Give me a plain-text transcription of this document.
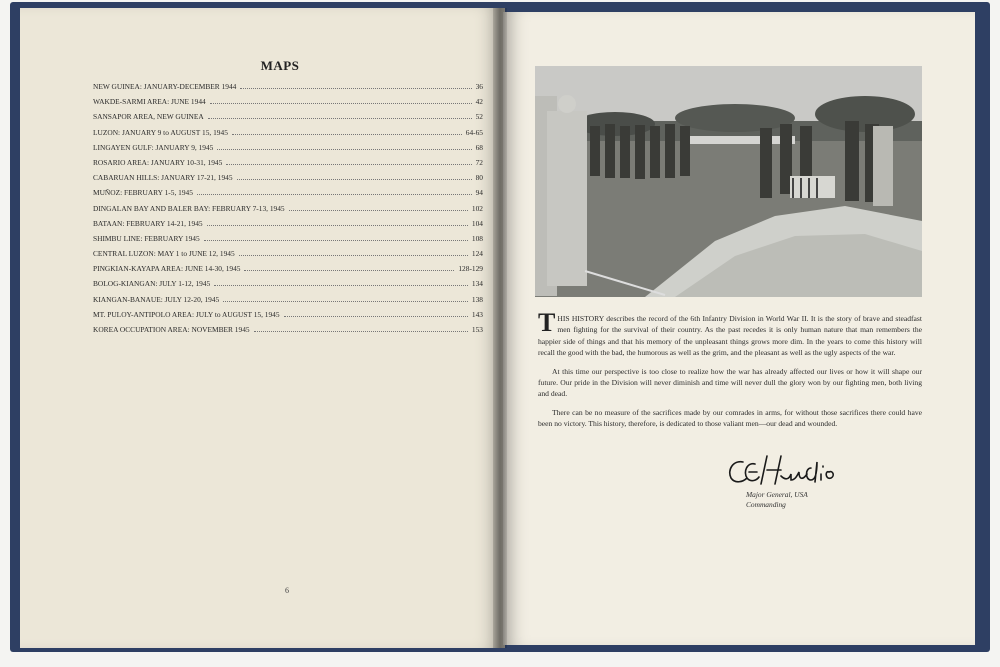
MAPS
NEW GUINEA: JANUARY-DECEMBER 1944	36
WAKDE-SARMI AREA: JUNE 1944	42
SANSAPOR AREA, NEW GUINEA	52
LUZON: JANUARY 9 to AUGUST 15, 1945	64-65
LINGAYEN GULF: JANUARY 9, 1945	68
ROSARIO AREA: JANUARY 10-31, 1945	72
CABARUAN HILLS: JANUARY 17-21, 1945	80
MUÑOZ: FEBRUARY 1-5, 1945	94
DINGALAN BAY AND BALER BAY: FEBRUARY 7-13, 1945	102
BATAAN: FEBRUARY 14-21, 1945	104
SHIMBU LINE: FEBRUARY 1945	108
CENTRAL LUZON: MAY 1 to JUNE 12, 1945	124
PINGKIAN-KAYAPA AREA: JUNE 14-30, 1945	128-129
BOLOG-KIANGAN: JULY 1-12, 1945	134
KIANGAN-BANAUE: JULY 12-20, 1945	138
MT. PULOY-ANTIPOLO AREA: JULY to AUGUST 15, 1945	143
KOREA OCCUPATION AREA: NOVEMBER 1945	153
6

THIS HISTORY describes the record of the 6th Infantry Division in World War II. It is the story of brave and steadfast men fighting for the survival of their country. As the past recedes it is only human nature that man remembers the happier side of things and that his memory of the unpleasant things grows more dim. In the years to come this history will recall the good with the bad, the humorous as well as the grim, and the pleasant as well as the ugly aspects of the war.

At this time our perspective is too close to realize how the war has already affected our lives or how it will shape our future. Our pride in the Division will never diminish and time will never dull the glory won by our fighting men, both living and dead.

There can be no measure of the sacrifices made by our comrades in arms, for without those sacrifices there could have been no victory. This history, therefore, is dedicated to those valiant men—our dead and wounded.

C E Hurdis
Major General, USA
Commanding
